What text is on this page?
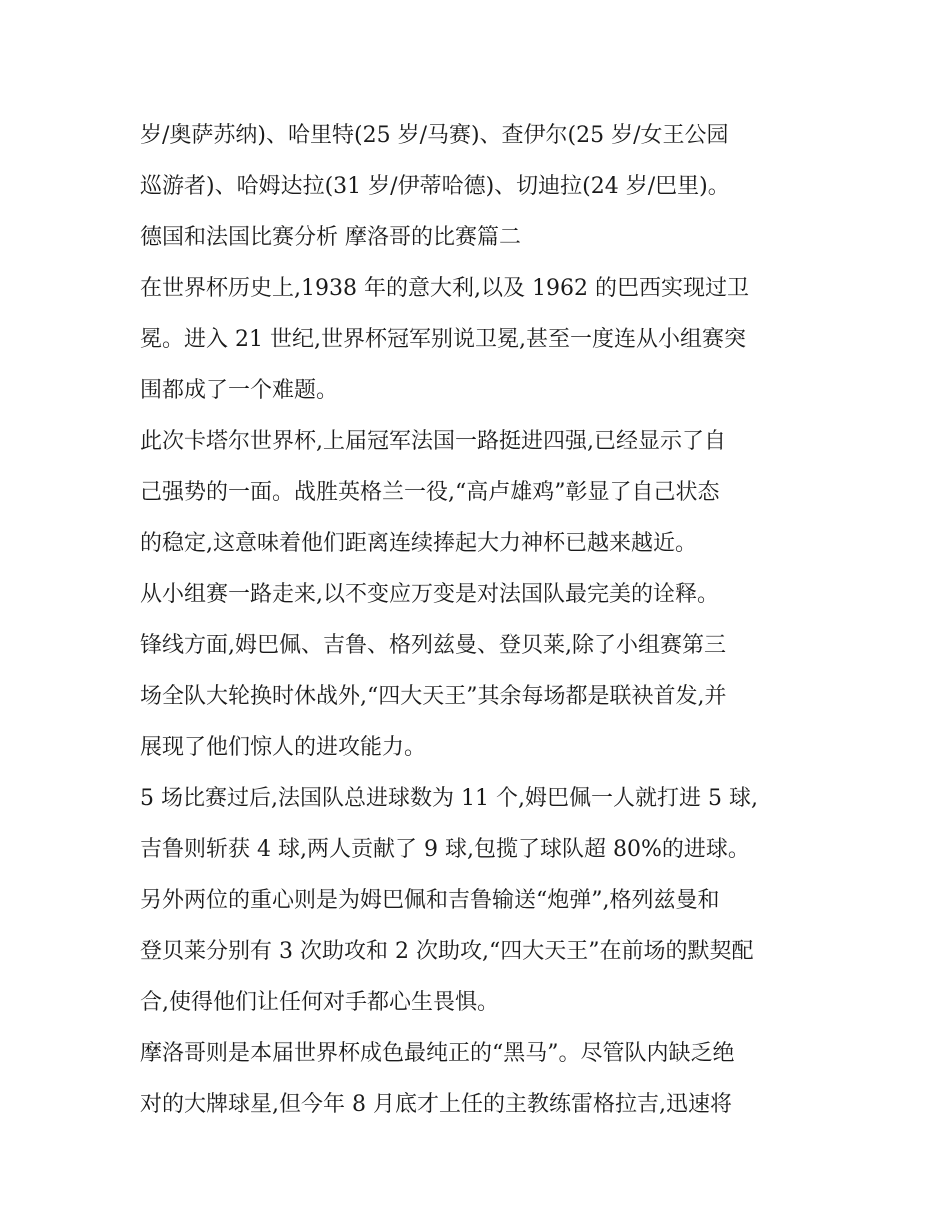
岁/奥萨苏纳)、哈里特(25 岁/马赛)、查伊尔(25 岁/女王公园
巡游者)、哈姆达拉(31 岁/伊蒂哈德)、切迪拉(24 岁/巴里)。
德国和法国比赛分析 摩洛哥的比赛篇二
在世界杯历史上,1938 年的意大利,以及 1962 的巴西实现过卫
冕。进入 21 世纪,世界杯冠军别说卫冕,甚至一度连从小组赛突
围都成了一个难题。
此次卡塔尔世界杯,上届冠军法国一路挺进四强,已经显示了自
己强势的一面。战胜英格兰一役,“高卢雄鸡”彰显了自己状态
的稳定,这意味着他们距离连续捧起大力神杯已越来越近。
从小组赛一路走来,以不变应万变是对法国队最完美的诠释。
锋线方面,姆巴佩、吉鲁、格列兹曼、登贝莱,除了小组赛第三
场全队大轮换时休战外,“四大天王”其余每场都是联袂首发,并
展现了他们惊人的进攻能力。
5 场比赛过后,法国队总进球数为 11 个,姆巴佩一人就打进 5 球,
吉鲁则斩获 4 球,两人贡献了 9 球,包揽了球队超 80%的进球。
另外两位的重心则是为姆巴佩和吉鲁输送“炮弹”,格列兹曼和
登贝莱分别有 3 次助攻和 2 次助攻,“四大天王”在前场的默契配
合,使得他们让任何对手都心生畏惧。
摩洛哥则是本届世界杯成色最纯正的“黑马”。尽管队内缺乏绝
对的大牌球星,但今年 8 月底才上任的主教练雷格拉吉,迅速将
